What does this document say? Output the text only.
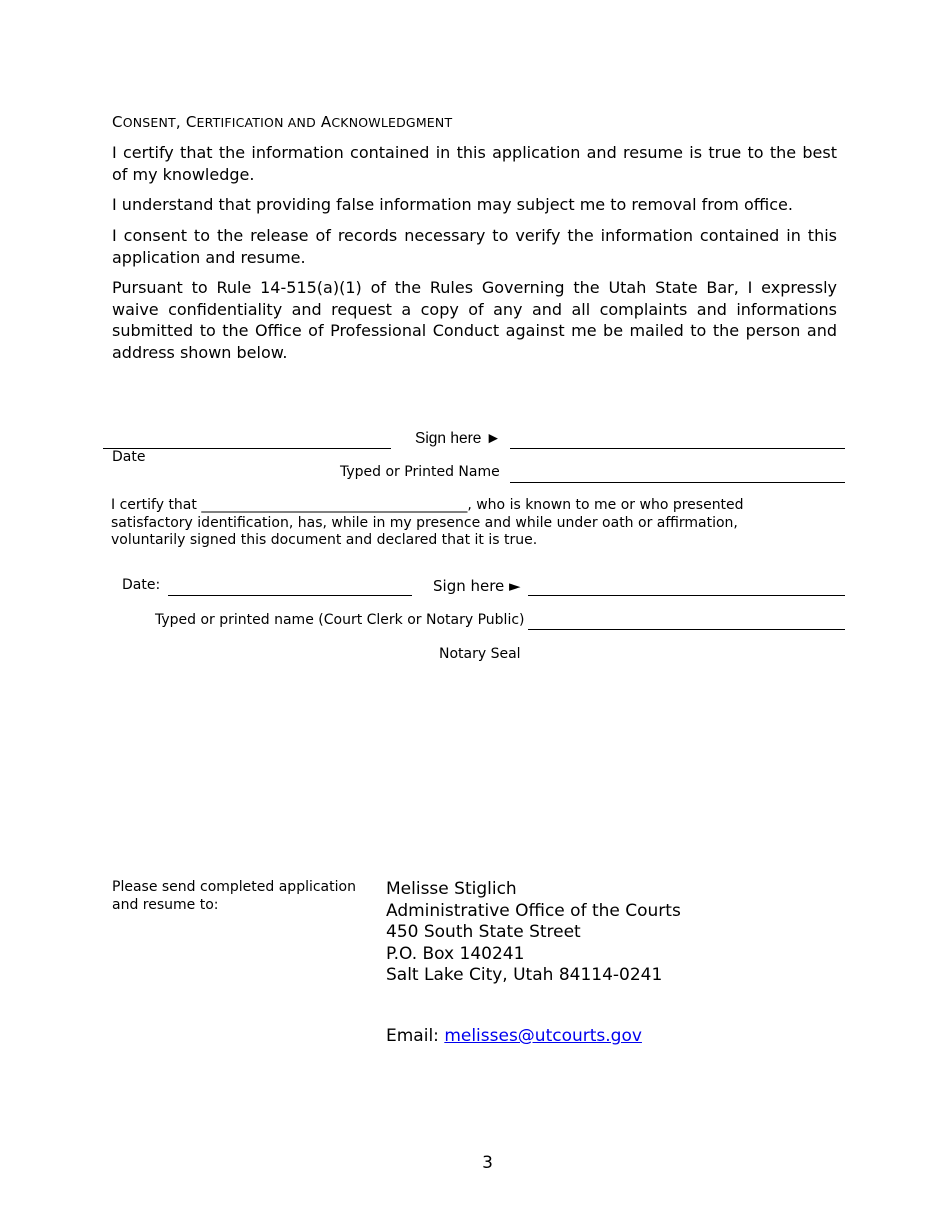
CONSENT, CERTIFICATION AND ACKNOWLEDGMENT
I certify that the information contained in this application and resume is true to the best of my knowledge.
I understand that providing false information may subject me to removal from office.
I consent to the release of records necessary to verify the information contained in this application and resume.
Pursuant to Rule 14-515(a)(1) of the Rules Governing the Utah State Bar, I expressly waive confidentiality and request a copy of any and all complaints and informations submitted to the Office of Professional Conduct against me be mailed to the person and address shown below.
Date
Sign here ►
Typed or Printed Name
I certify that ______________________________________, who is known to me or who presented satisfactory identification, has, while in my presence and while under oath or affirmation, voluntarily signed this document and declared that it is true.
Date:	Sign here ►
Typed or printed name (Court Clerk or Notary Public)
Notary Seal
Please send completed application and resume to:
Melisse Stiglich
Administrative Office of the Courts
450 South State Street
P.O. Box 140241
Salt Lake City, Utah 84114-0241
Email: melisses@utcourts.gov
3
